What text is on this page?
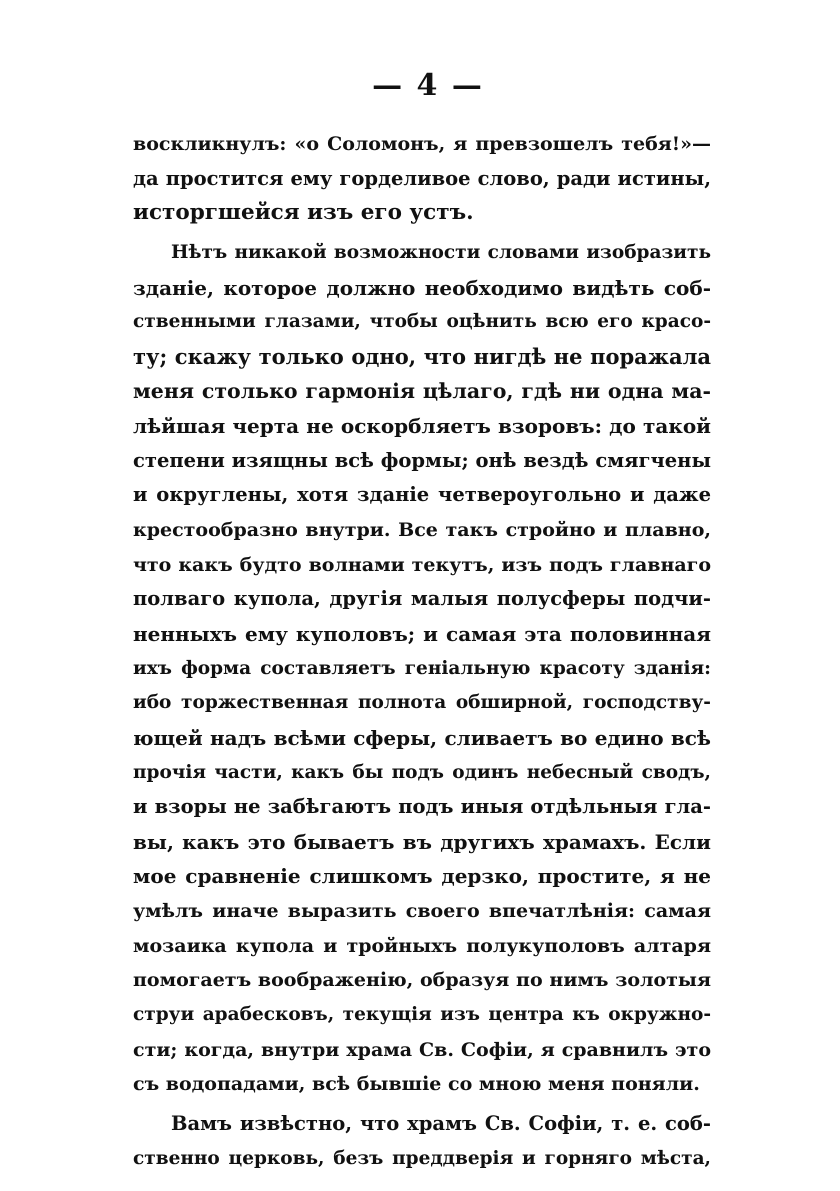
— 4 —
воскликнулъ: «о Соломонъ, я превзошелъ тебя!»—
да простится ему горделивое слово, ради истины,
исторгшейся изъ его устъ.
Нѣтъ никакой возможности словами изобразить
зданіе, которое должно необходимо видѣть соб-
ственными глазами, чтобы оцѣнить всю его красо-
ту; скажу только одно, что нигдѣ не поражала
меня столько гармонія цѣлаго, гдѣ ни одна ма-
лѣйшая черта не оскорбляетъ взоровъ: до такой
степени изящны всѣ формы; онѣ вездѣ смягчены
и округлены, хотя зданіе четвероугольно и даже
крестообразно внутри. Все такъ стройно и плавно,
что какъ будто волнами текутъ, изъ подъ главнаго
полваго купола, другія малыя полусферы подчи-
ненныхъ ему куполовъ; и самая эта половинная
ихъ форма составляетъ геніальную красоту зданія:
ибо торжественная полнота обширной, господству-
ющей надъ всѣми сферы, сливаетъ во едино всѣ
прочія части, какъ бы подъ одинъ небесный сводъ,
и взоры не забѣгаютъ подъ иныя отдѣльныя гла-
вы, какъ это бываетъ въ другихъ храмахъ. Если
мое сравненіе слишкомъ дерзко, простите, я не
умѣлъ иначе выразить своего впечатлѣнія: самая
мозаика купола и тройныхъ полукуполовъ алтаря
помогаетъ воображенію, образуя по нимъ золотыя
струи арабесковъ, текущія изъ центра къ окружно-
сти; когда, внутри храма Св. Софіи, я сравнилъ это
съ водопадами, всѣ бывшіе со мною меня поняли.
Вамъ извѣстно, что храмъ Св. Софіи, т. е. соб-
ственно церковь, безъ преддверія и горняго мѣста,
